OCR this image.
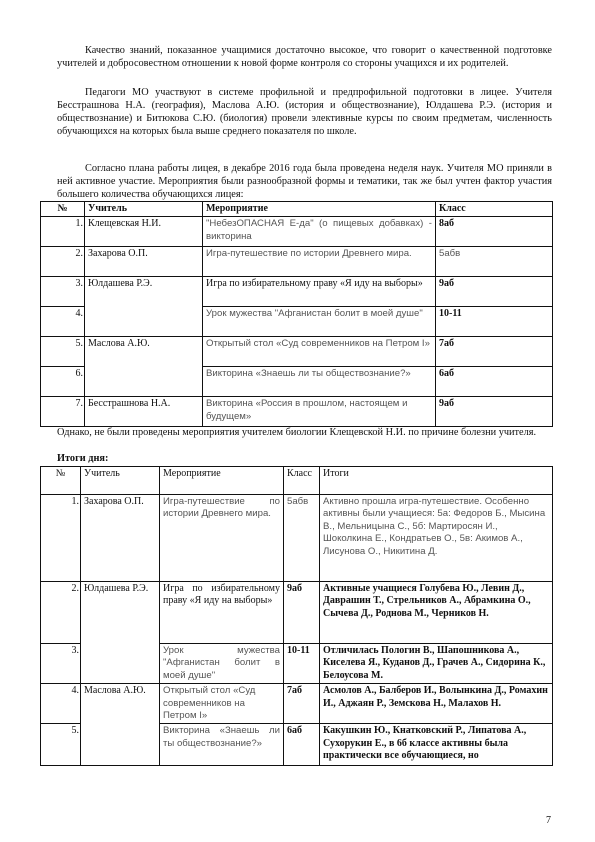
Качество знаний, показанное учащимися достаточно высокое, что говорит о качественной подготовке учителей и добросовестном отношении к новой форме контроля со стороны учащихся и их родителей.

Педагоги МО участвуют в системе профильной и предпрофильной подготовки в лицее. Учителя Бесстрашнова Н.А. (география), Маслова А.Ю. (история и обществознание), Юлдашева Р.Э. (история и обществознание) и Битюкова С.Ю. (биология) провели элективные курсы по своим предметам, численность обучающихся на которых была выше среднего показателя по школе.

Согласно плана работы лицея, в декабре 2016 года была проведена неделя наук. Учителя МО приняли в ней активное участие. Мероприятия были разнообразной формы и тематики, так же был учтен фактор участия большего количества обучающихся лицея:

№	Учитель	Мероприятие	Класс
1.	Клещевская Н.И.	"НебезОПАСНАЯ Е-да" (о пищевых добавках) - викторина	8аб
2.	Захарова О.П.	Игра-путешествие по истории Древнего мира.	5абв
3.	Юлдашева Р.Э.	Игра по избирательному праву «Я иду на выборы»	9аб
4.		Урок мужества "Афганистан болит в моей душе"	10-11
5.	Маслова А.Ю.	Открытый стол «Суд современников на Петром I»	7аб
6.		Викторина «Знаешь ли ты обществознание?»	6аб
7.	Бесстрашнова Н.А.	Викторина «Россия в прошлом, настоящем и будущем»	9аб

Однако, не были проведены мероприятия учителем биологии Клещевской Н.И. по причине болезни учителя.

Итоги дня:

№	Учитель	Мероприятие	Класс	Итоги
1.	Захарова О.П.	Игра-путешествие по истории Древнего мира.	5абв	Активно прошла игра-путешествие. Особенно активны были учащиеся: 5а: Федоров Б., Мысина В., Мельницына С., 5б: Мартиросян И., Шоколкина Е., Кондратьев О., 5в: Акимов А., Лисунова О., Никитина Д.
2.	Юлдашева Р.Э.	Игра по избирательному праву «Я иду на выборы»	9аб	Активные учащиеся Голубева Ю., Левин Д., Даврашин Т., Стрельников А., Абрамкина О., Сычева Д., Роднова М., Черников Н.
3.		Урок мужества "Афганистан болит в моей душе"	10-11	Отличилась Пологин В., Шапошникова А., Киселева Я., Куданов Д., Грачев А., Сидорина К., Белоусова М.
4.	Маслова А.Ю.	Открытый стол «Суд современников на Петром I»	7аб	Асмолов А., Балберов И., Волынкина Д., Ромахин И., Аджаян Р., Земскова Н., Малахов Н.
5.		Викторина «Знаешь ли ты обществознание?»	6аб	Какушкин Ю., Кнатковский Р., Липатова А., Сухорукин Е., в 6б классе активны была практически все обучающиеся, но
7
